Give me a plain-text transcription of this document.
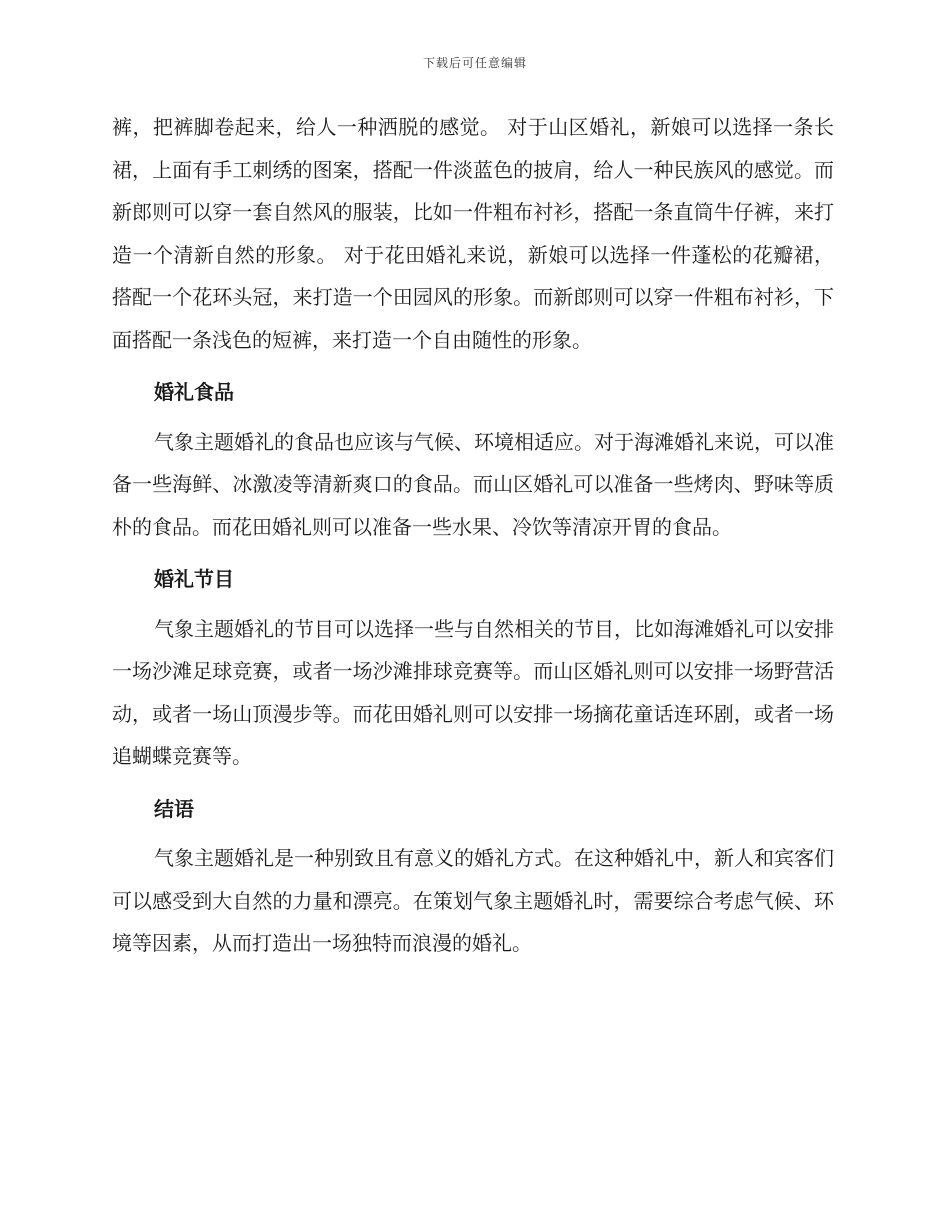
下载后可任意编辑

裤，把裤脚卷起来，给人一种洒脱的感觉。 对于山区婚礼，新娘可以选择一条长裙，上面有手工刺绣的图案，搭配一件淡蓝色的披肩，给人一种民族风的感觉。而新郎则可以穿一套自然风的服装，比如一件粗布衬衫，搭配一条直筒牛仔裤，来打造一个清新自然的形象。 对于花田婚礼来说，新娘可以选择一件蓬松的花瓣裙，搭配一个花环头冠，来打造一个田园风的形象。而新郎则可以穿一件粗布衬衫，下面搭配一条浅色的短裤，来打造一个自由随性的形象。

婚礼食品

气象主题婚礼的食品也应该与气候、环境相适应。对于海滩婚礼来说，可以准备一些海鲜、冰激凌等清新爽口的食品。而山区婚礼可以准备一些烤肉、野味等质朴的食品。而花田婚礼则可以准备一些水果、冷饮等清凉开胃的食品。

婚礼节目

气象主题婚礼的节目可以选择一些与自然相关的节目，比如海滩婚礼可以安排一场沙滩足球竞赛，或者一场沙滩排球竞赛等。而山区婚礼则可以安排一场野营活动，或者一场山顶漫步等。而花田婚礼则可以安排一场摘花童话连环剧，或者一场追蝴蝶竞赛等。

结语

气象主题婚礼是一种别致且有意义的婚礼方式。在这种婚礼中，新人和宾客们可以感受到大自然的力量和漂亮。在策划气象主题婚礼时，需要综合考虑气候、环境等因素，从而打造出一场独特而浪漫的婚礼。
